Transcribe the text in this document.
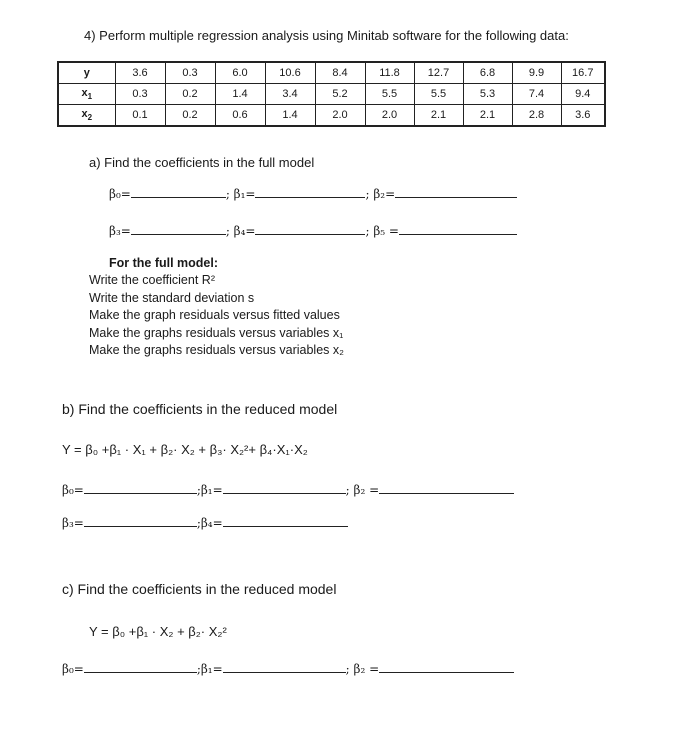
4) Perform multiple regression analysis using Minitab software for the following data:
y	3.6	0.3	6.0	10.6	8.4	11.8	12.7	6.8	9.9	16.7
$x_1$	0.3	0.2	1.4	3.4	5.2	5.5	5.5	5.3	7.4	9.4
$x_2$	0.1	0.2	0.6	1.4	2.0	2.0	2.1	2.1	2.8	3.6
a) Find the coefficients in the full model
β₀=	; β₁=	; β₂=
β₃=	; β₄=	; β₅ =
For the full model:
Write the coefficient R²
Write the standard deviation s
Make the graph residuals versus fitted values
Make the graphs residuals versus variables x₁
Make the graphs residuals versus variables x₂
b) Find the coefficients in the reduced model
Y = β₀ +β₁ · X₁ + β₂· X₂ + β₃· X₂²+ β₄·X₁·X₂
β₀=	;β₁=	; β₂ =
β₃=	;β₄=
c) Find the coefficients in the reduced model
Y = β₀ +β₁ · X₂ + β₂· X₂²
β₀=	;β₁=	; β₂ =
